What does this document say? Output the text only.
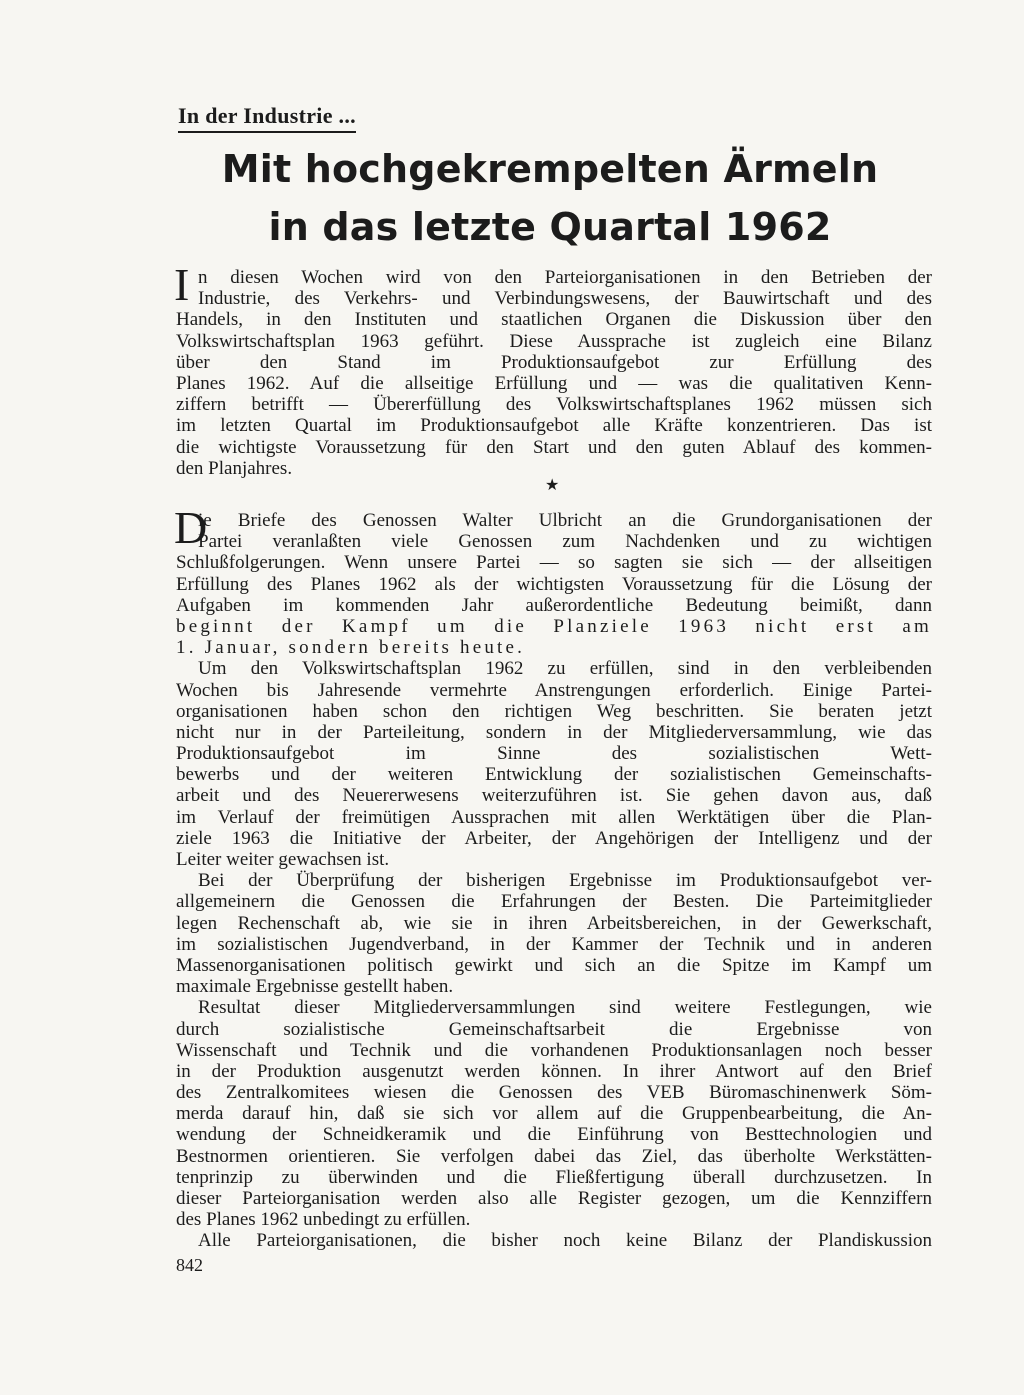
In der Industrie ...
Mit hochgekrempelten Ärmeln
in das letzte Quartal 1962
I n diesen Wochen wird von den Parteiorganisationen in den Betrieben der
Industrie, des Verkehrs- und Verbindungswesens, der Bauwirtschaft und des
Handels, in den Instituten und staatlichen Organen die Diskussion über den
Volkswirtschaftsplan 1963 geführt. Diese Aussprache ist zugleich eine Bilanz
über den Stand im Produktionsaufgebot zur Erfüllung des
Planes 1962. Auf die allseitige Erfüllung und — was die qualitativen Kenn-
ziffern betrifft — Übererfüllung des Volkswirtschaftsplanes 1962 müssen sich
im letzten Quartal im Produktionsaufgebot alle Kräfte konzentrieren. Das ist
die wichtigste Voraussetzung für den Start und den guten Ablauf des kommen-
den Planjahres.
★
D
ie Briefe des Genossen Walter Ulbricht an die Grundorganisationen der
Partei veranlaßten viele Genossen zum Nachdenken und zu wichtigen
Schlußfolgerungen. Wenn unsere Partei — so sagten sie sich — der allseitigen
Erfüllung des Planes 1962 als der wichtigsten Voraussetzung für die Lösung der
Aufgaben im kommenden Jahr außerordentliche Bedeutung beimißt, dann
beginnt der Kampf um die Planziele 1963 nicht erst am
1. Januar, sondern bereits heute.
Um den Volkswirtschaftsplan 1962 zu erfüllen, sind in den verbleibenden
Wochen bis Jahresende vermehrte Anstrengungen erforderlich. Einige Partei-
organisationen haben schon den richtigen Weg beschritten. Sie beraten jetzt
nicht nur in der Parteileitung, sondern in der Mitgliederversammlung, wie das
Produktionsaufgebot im Sinne des sozialistischen Wett-
bewerbs und der weiteren Entwicklung der sozialistischen Gemeinschafts-
arbeit und des Neuererwesens weiterzuführen ist. Sie gehen davon aus, daß
im Verlauf der freimütigen Aussprachen mit allen Werktätigen über die Plan-
ziele 1963 die Initiative der Arbeiter, der Angehörigen der Intelligenz und der
Leiter weiter gewachsen ist.
Bei der Überprüfung der bisherigen Ergebnisse im Produktionsaufgebot ver-
allgemeinern die Genossen die Erfahrungen der Besten. Die Parteimitglieder
legen Rechenschaft ab, wie sie in ihren Arbeitsbereichen, in der Gewerkschaft,
im sozialistischen Jugendverband, in der Kammer der Technik und in anderen
Massenorganisationen politisch gewirkt und sich an die Spitze im Kampf um
maximale Ergebnisse gestellt haben.
Resultat dieser Mitgliederversammlungen sind weitere Festlegungen, wie
durch sozialistische Gemeinschaftsarbeit die Ergebnisse von
Wissenschaft und Technik und die vorhandenen Produktionsanlagen noch besser
in der Produktion ausgenutzt werden können. In ihrer Antwort auf den Brief
des Zentralkomitees wiesen die Genossen des VEB Büromaschinenwerk Söm-
merda darauf hin, daß sie sich vor allem auf die Gruppenbearbeitung, die An-
wendung der Schneidkeramik und die Einführung von Besttechnologien und
Bestnormen orientieren. Sie verfolgen dabei das Ziel, das überholte Werkstätten-
tenprinzip zu überwinden und die Fließfertigung überall durchzusetzen. In
dieser Parteiorganisation werden also alle Register gezogen, um die Kennziffern
des Planes 1962 unbedingt zu erfüllen.
Alle Parteiorganisationen, die bisher noch keine Bilanz der Plandiskussion
842
